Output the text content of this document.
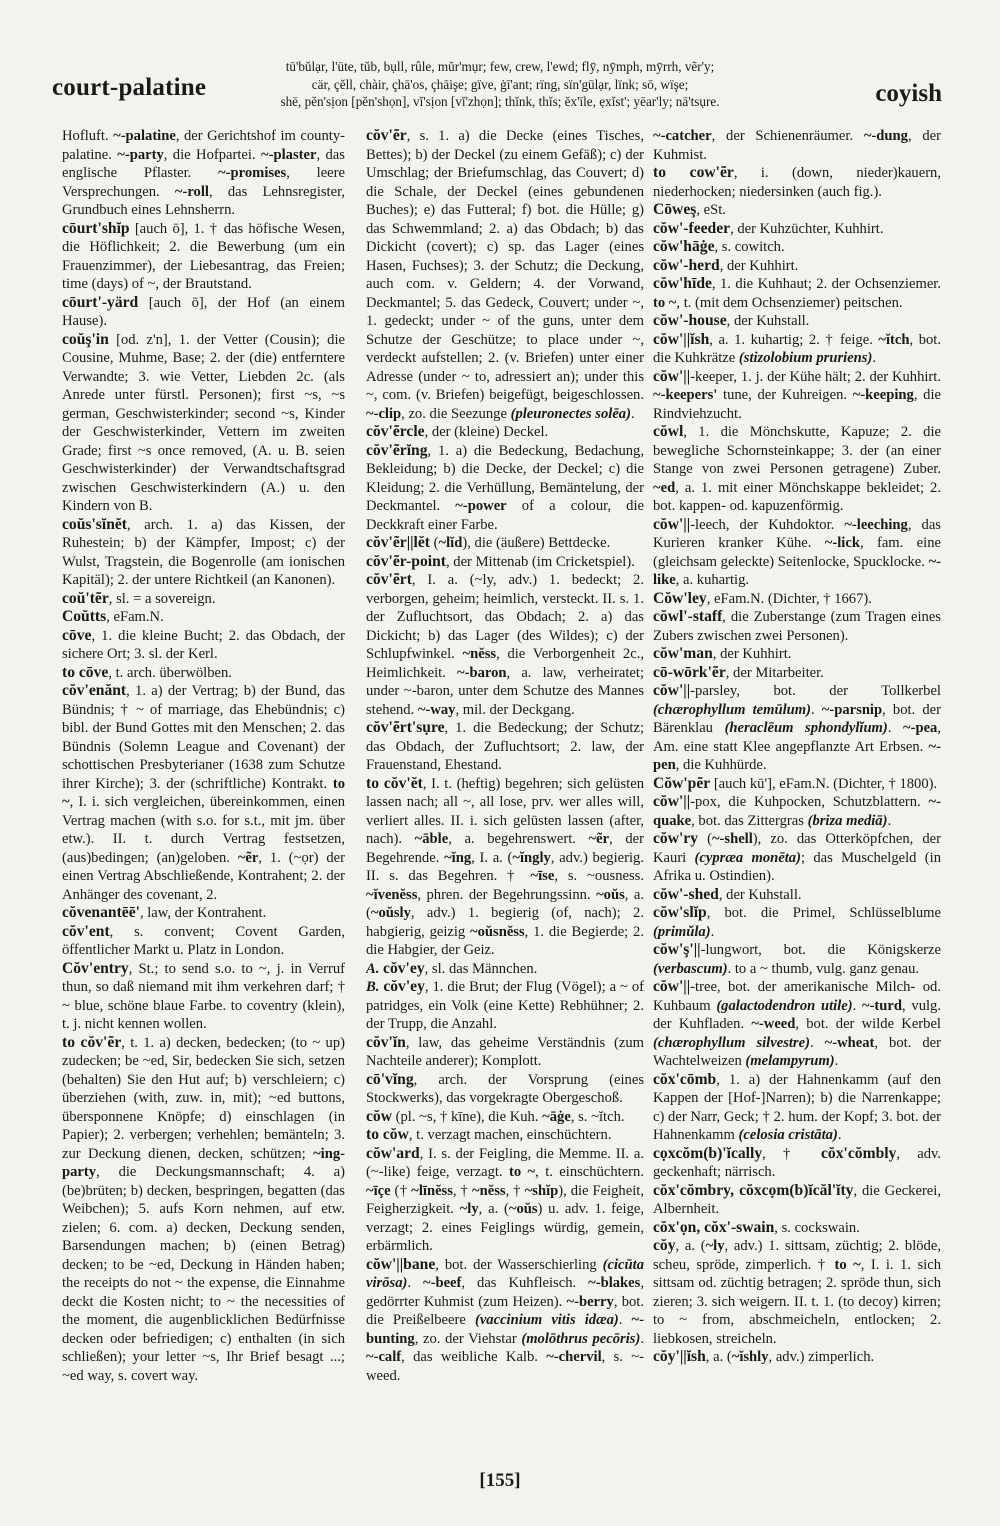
court-palatine
tū'bŭlạr, l'ūte, tŭb, bụll, rûle, mŭr'mụr; few, crew, l'ewd; flȳ, nȳmph, mȳrrh, vẽr'y;
cär, çĕll, chàir, çhā'os, çhāişe; gïve, ġī'ant; rïng, sïn'gūlạr, lïnk; sō, wïşe;
shē, pĕn'sịon [pĕn'shọn], vĭ'sịon [vĭ'zhọn]; thĭnk, thĭs; ĕx'īle, ẹxĭst'; yēar'ly; nā'tsụre.	coyish

Hofluft. ~-palatine, der Gerichtshof im county-palatine. ~-party, die Hofpartei. ~-plaster, das englische Pflaster. ~-promises, leere Versprechungen. ~-roll, das Lehnsregister, Grundbuch eines Lehnsherrn.

cōurt'shĭp [auch ō], 1. † das höfische Wesen, die Höflichkeit; 2. die Bewerbung (um ein Frauenzimmer), der Liebesantrag, das Freien; time (days) of ~, der Brautstand.

cōurt'-yärd [auch ō], der Hof (an einem Hause).

coŭş'in [od. z'n], 1. der Vetter (Cousin); die Cousine, Muhme, Base; 2. der (die) entferntere Verwandte; 3. wie Vetter, Liebden 2c. (als Anrede unter fürstl. Personen); first ~s, ~s german, Geschwisterkinder; second ~s, Kinder der Geschwisterkinder, Vettern im zweiten Grade; first ~s once removed, (A. u. B. seien Geschwisterkinder) der Verwandtschaftsgrad zwischen Geschwisterkindern (A.) u. den Kindern von B.

coŭs'sĭnĕt, arch. 1. a) das Kissen, der Ruhestein; b) der Kämpfer, Impost; c) der Wulst, Tragstein, die Bogenrolle (am ionischen Kapitäl); 2. der untere Richtkeil (an Kanonen).

coŭ'tẽr, sl. = a sovereign.

Coŭtts, eFam.N.

cōve, 1. die kleine Bucht; 2. das Obdach, der sichere Ort; 3. sl. der Kerl.

to cōve, t. arch. überwölben.

cŏv'enănt, 1. a) der Vertrag; b) der Bund, das Bündnis; † ~ of marriage, das Ehebündnis; c) bibl. der Bund Gottes mit den Menschen; 2. das Bündnis (Solemn League and Covenant) der schottischen Presbyterianer (1638 zum Schutze ihrer Kirche); 3. der (schriftliche) Kontrakt. to ~, I. i. sich vergleichen, übereinkommen, einen Vertrag machen (with s.o. for s.t., mit jm. über etw.). II. t. durch Vertrag festsetzen, (aus)bedingen; (an)geloben. ~ẽr, 1. (~ọr) der einen Vertrag Abschließende, Kontrahent; 2. der Anhänger des covenant, 2.

cŏvenantēē', law, der Kontrahent.

cŏv'ent, s. convent; Covent Garden, öffentlicher Markt u. Platz in London.

Cŏv'entry, St.; to send s.o. to ~, j. in Verruf thun, so daß niemand mit ihm verkehren darf; † ~ blue, schöne blaue Farbe. to coventry (klein), t. j. nicht kennen wollen.

to cŏv'ẽr, t. 1. a) decken, bedecken; (to ~ up) zudecken; be ~ed, Sir, bedecken Sie sich, setzen (behalten) Sie den Hut auf; b) verschleiern; c) überziehen (with, zuw. in, mit); ~ed buttons, übersponnene Knöpfe; d) einschlagen (in Papier); 2. verbergen; verhehlen; bemänteln; 3. zur Deckung dienen, decken, schützen; ~ing-party, die Deckungsmannschaft; 4. a) (be)brüten; b) decken, bespringen, begatten (das Weibchen); 5. aufs Korn nehmen, auf etw. zielen; 6. com. a) decken, Deckung senden, Barsendungen machen; b) (einen Betrag) decken; to be ~ed, Deckung in Händen haben; the receipts do not ~ the expense, die Einnahme deckt die Kosten nicht; to ~ the necessities of the moment, die augenblicklichen Bedürfnisse decken oder befriedigen; c) enthalten (in sich schließen); your letter ~s, Ihr Brief besagt ...; ~ed way, s. covert way.

cŏv'ẽr, s. 1. a) die Decke (eines Tisches, Bettes); b) der Deckel (zu einem Gefäß); c) der Umschlag; der Briefumschlag, das Couvert; d) die Schale, der Deckel (eines gebundenen Buches); e) das Futteral; f) bot. die Hülle; g) das Schwemmland; 2. a) das Obdach; b) das Dickicht (covert); c) sp. das Lager (eines Hasen, Fuchses); 3. der Schutz; die Deckung, auch com. v. Geldern; 4. der Vorwand, Deckmantel; 5. das Gedeck, Couvert; under ~, 1. gedeckt; under ~ of the guns, unter dem Schutze der Geschütze; to place under ~, verdeckt aufstellen; 2. (v. Briefen) unter einer Adresse (under ~ to, adressiert an); under this ~, com. (v. Briefen) beigefügt, beigeschlossen. ~-clip, zo. die Seezunge (pleuronectes solēa).

cŏv'ẽrcle, der (kleine) Deckel.

cŏv'ẽrĭng, 1. a) die Bedeckung, Bedachung, Bekleidung; b) die Decke, der Deckel; c) die Kleidung; 2. die Verhüllung, Bemäntelung, der Deckmantel. ~-power of a colour, die Deckkraft einer Farbe.

cŏv'ẽr||lĕt (~lĭd), die (äußere) Bettdecke.

cŏv'ẽr-point, der Mittenab (im Cricketspiel).

cŏv'ẽrt, I. a. (~ly, adv.) 1. bedeckt; 2. verborgen, geheim; heimlich, versteckt. II. s. 1. der Zufluchtsort, das Obdach; 2. a) das Dickicht; b) das Lager (des Wildes); c) der Schlupfwinkel. ~nĕss, die Verborgenheit 2c., Heimlichkeit. ~-baron, a. law, verheiratet; under ~-baron, unter dem Schutze des Mannes stehend. ~-way, mil. der Deckgang.

cŏv'ẽrt'sụre, 1. die Bedeckung; der Schutz; das Obdach, der Zufluchtsort; 2. law, der Frauenstand, Ehestand.

to cŏv'ĕt, I. t. (heftig) begehren; sich gelüsten lassen nach; all ~, all lose, prv. wer alles will, verliert alles. II. i. sich gelüsten lassen (after, nach). ~āble, a. begehrenswert. ~ẽr, der Begehrende. ~ĭng, I. a. (~ĭngly, adv.) begierig. II. s. das Begehren. † ~īse, s. ~ousness. ~ĭvenĕss, phren. der Begehrungssinn. ~oŭs, a. (~oŭsly, adv.) 1. begierig (of, nach); 2. habgierig, geizig ~oŭsnĕss, 1. die Begierde; 2. die Habgier, der Geiz.

A. cŏv'ey, sl. das Männchen.

B. cŏv'ey, 1. die Brut; der Flug (Vögel); a ~ of patridges, ein Volk (eine Kette) Rebhühner; 2. der Trupp, die Anzahl.

cŏv'ĭn, law, das geheime Verständnis (zum Nachteile anderer); Komplott.

cō'vĭng, arch. der Vorsprung (eines Stockwerks), das vorgekragte Obergeschoß.

cŏw (pl. ~s, † kīne), die Kuh. ~āġe, s. ~ĭtch.

to cŏw, t. verzagt machen, einschüchtern.

cŏw'ard, I. s. der Feigling, die Memme. II. a. (~-like) feige, verzagt. to ~, t. einschüchtern. ~īçe († ~līnĕss, † ~nĕss, † ~shĭp), die Feigheit, Feigherzigkeit. ~ly, a. (~oŭs) u. adv. 1. feige, verzagt; 2. eines Feiglings würdig, gemein, erbärmlich.

cŏw'||bane, bot. der Wasserschierling (cicūta virōsa). ~-beef, das Kuhfleisch. ~-blakes, gedörrter Kuhmist (zum Heizen). ~-berry, bot. die Preißelbeere (vaccinium vitis idæa). ~-bunting, zo. der Viehstar (molōthrus pecōris). ~-calf, das weibliche Kalb. ~-chervil, s. ~-weed.

~-catcher, der Schienenräumer. ~-dung, der Kuhmist.

to cow'ẽr, i. (down, nieder)kauern, niederhocken; niedersinken (auch fig.).

Cōweş, eSt.

cŏw'-feeder, der Kuhzüchter, Kuhhirt.

cŏw'hāġe, s. cowitch.

cŏw'-herd, der Kuhhirt.

cŏw'hīde, 1. die Kuhhaut; 2. der Ochsenziemer. to ~, t. (mit dem Ochsenziemer) peitschen.

cŏw'-house, der Kuhstall.

cŏw'||ĭsh, a. 1. kuhartig; 2. † feige. ~ĭtch, bot. die Kuhkrätze (stizolobium pruriens).

cŏw'||-keeper, 1. j. der Kühe hält; 2. der Kuhhirt. ~-keepers' tune, der Kuhreigen. ~-keeping, die Rindviehzucht.

cŏwl, 1. die Mönchskutte, Kapuze; 2. die bewegliche Schornsteinkappe; 3. der (an einer Stange von zwei Personen getragene) Zuber. ~ed, a. 1. mit einer Mönchskappe bekleidet; 2. bot. kappen- od. kapuzenförmig.

cŏw'||-leech, der Kuhdoktor. ~-leeching, das Kurieren kranker Kühe. ~-lick, fam. eine (gleichsam geleckte) Seitenlocke, Spucklocke. ~-like, a. kuhartig.

Cŏw'ley, eFam.N. (Dichter, † 1667).

cŏwl'-staff, die Zuberstange (zum Tragen eines Zubers zwischen zwei Personen).

cŏw'man, der Kuhhirt.

cō-wōrk'ẽr, der Mitarbeiter.

cŏw'||-parsley, bot. der Tollkerbel (chærophyllum temūlum). ~-parsnip, bot. der Bärenklau (heraclēum sphondylĭum). ~-pea, Am. eine statt Klee angepflanzte Art Erbsen. ~-pen, die Kuhhürde.

Cŏw'pẽr [auch kū'], eFam.N. (Dichter, † 1800).

cŏw'||-pox, die Kuhpocken, Schutzblattern. ~-quake, bot. das Zittergras (briza mediā).

cŏw'ry (~-shell), zo. das Otterköpfchen, der Kauri (cypræa monēta); das Muschelgeld (in Afrika u. Ostindien).

cŏw'-shed, der Kuhstall.

cŏw'slĭp, bot. die Primel, Schlüsselblume (primŭla).

cŏw'ş'||-lungwort, bot. die Königskerze (verbascum). to a ~ thumb, vulg. ganz genau.

cŏw'||-tree, bot. der amerikanische Milch- od. Kuhbaum (galactodendron utile). ~-turd, vulg. der Kuhfladen. ~-weed, bot. der wilde Kerbel (chærophyllum silvestre). ~-wheat, bot. der Wachtelweizen (melampyrum).

cŏx'cōmb, 1. a) der Hahnenkamm (auf den Kappen der [Hof-]Narren); b) die Narrenkappe; c) der Narr, Geck; † 2. hum. der Kopf; 3. bot. der Hahnenkamm (celosia cristāta).

cọxcŏm(b)'ĭcally, † cŏx'cŏmbly, adv. geckenhaft; närrisch.

cŏx'cŏmbry, cŏxcọm(b)ĭcăl'ĭty, die Geckerei, Albernheit.

cŏx'ọn, cŏx'-swain, s. cockswain.

cŏy, a. (~ly, adv.) 1. sittsam, züchtig; 2. blöde, scheu, spröde, zimperlich. † to ~, I. i. 1. sich sittsam od. züchtig betragen; 2. spröde thun, sich zieren; 3. sich weigern. II. t. 1. (to decoy) kirren; to ~ from, abschmeicheln, entlocken; 2. liebkosen, streicheln.

cŏy'||ĭsh, a. (~ĭshly, adv.) zimperlich.

[155]
